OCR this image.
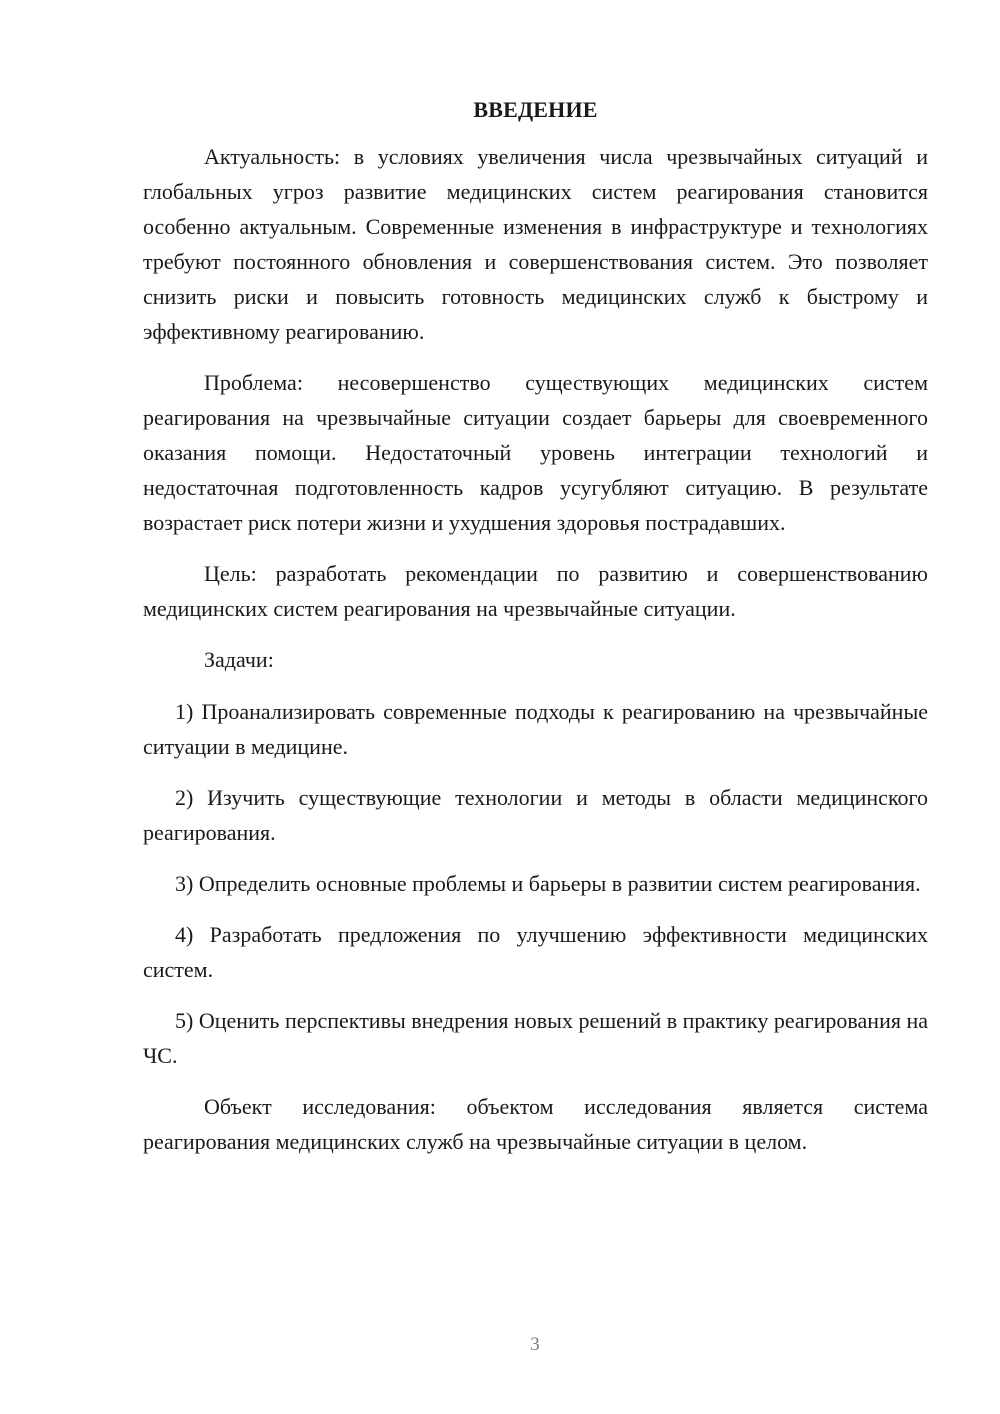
ВВЕДЕНИЕ

Актуальность: в условиях увеличения числа чрезвычайных ситуаций и глобальных угроз развитие медицинских систем реагирования становится особенно актуальным. Современные изменения в инфраструктуре и технологиях требуют постоянного обновления и совершенствования систем. Это позволяет снизить риски и повысить готовность медицинских служб к быстрому и эффективному реагированию.

Проблема: несовершенство существующих медицинских систем реагирования на чрезвычайные ситуации создает барьеры для своевременного оказания помощи. Недостаточный уровень интеграции технологий и недостаточная подготовленность кадров усугубляют ситуацию. В результате возрастает риск потери жизни и ухудшения здоровья пострадавших.

Цель: разработать рекомендации по развитию и совершенствованию медицинских систем реагирования на чрезвычайные ситуации.

Задачи:

1) Проанализировать современные подходы к реагированию на чрезвычайные ситуации в медицине.

2) Изучить существующие технологии и методы в области медицинского реагирования.

3) Определить основные проблемы и барьеры в развитии систем реагирования.

4) Разработать предложения по улучшению эффективности медицинских систем.

5) Оценить перспективы внедрения новых решений в практику реагирования на ЧС.

Объект исследования: объектом исследования является система реагирования медицинских служб на чрезвычайные ситуации в целом.

3
